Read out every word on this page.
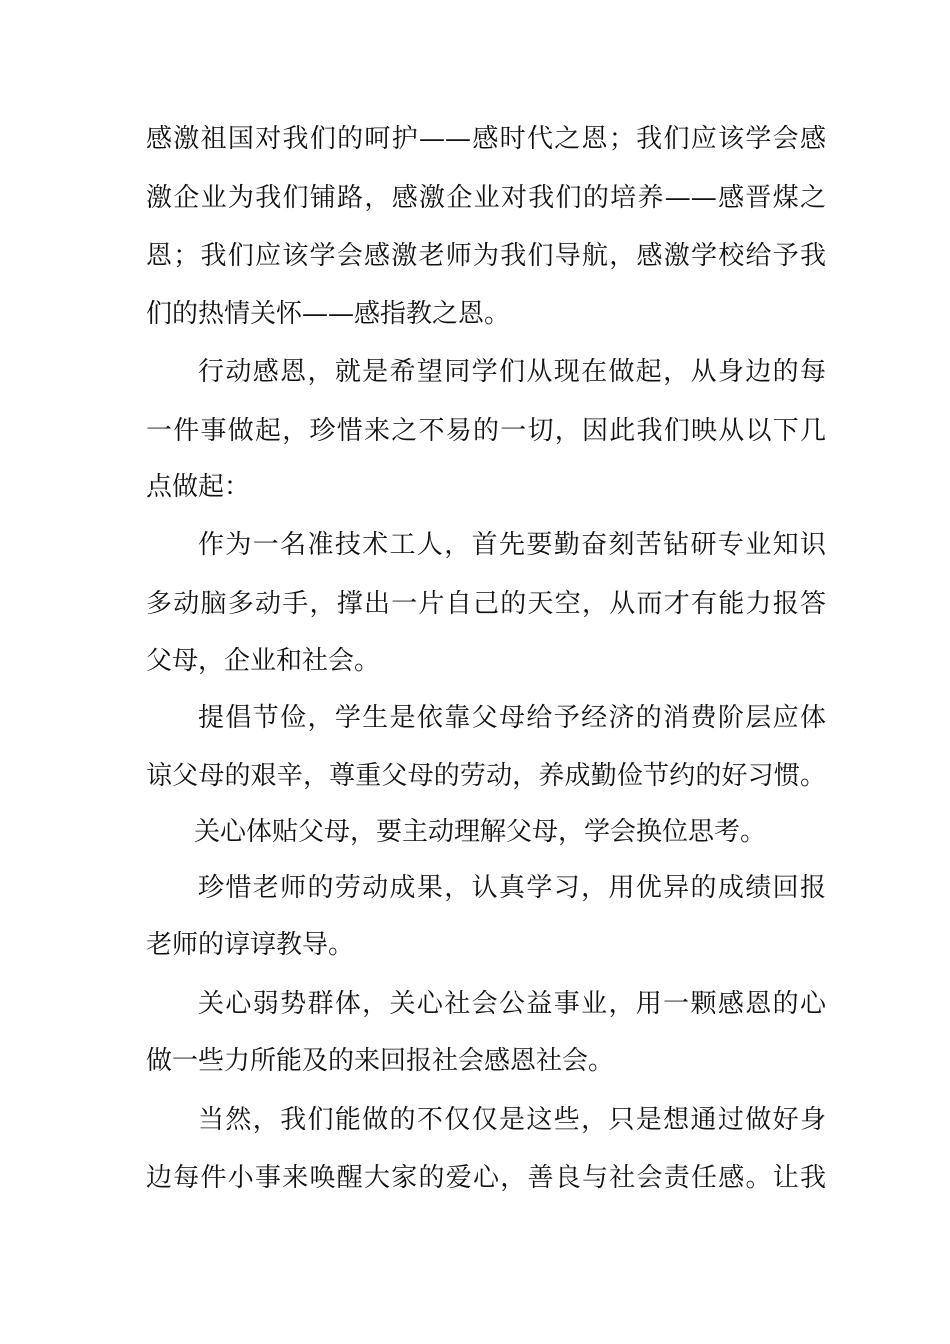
感激祖国对我们的呵护——感时代之恩；我们应该学会感
激企业为我们铺路，感激企业对我们的培养——感晋煤之
恩；我们应该学会感激老师为我们导航，感激学校给予我
们的热情关怀——感指教之恩。
行动感恩，就是希望同学们从现在做起，从身边的每
一件事做起，珍惜来之不易的一切，因此我们映从以下几
点做起：
作为一名准技术工人，首先要勤奋刻苦钻研专业知识
多动脑多动手，撑出一片自己的天空，从而才有能力报答
父母，企业和社会。
提倡节俭，学生是依靠父母给予经济的消费阶层应体
谅父母的艰辛，尊重父母的劳动，养成勤俭节约的好习惯。
关心体贴父母，要主动理解父母，学会换位思考。
珍惜老师的劳动成果，认真学习，用优异的成绩回报
老师的谆谆教导。
关心弱势群体，关心社会公益事业，用一颗感恩的心
做一些力所能及的来回报社会感恩社会。
当然，我们能做的不仅仅是这些，只是想通过做好身
边每件小事来唤醒大家的爱心，善良与社会责任感。让我
